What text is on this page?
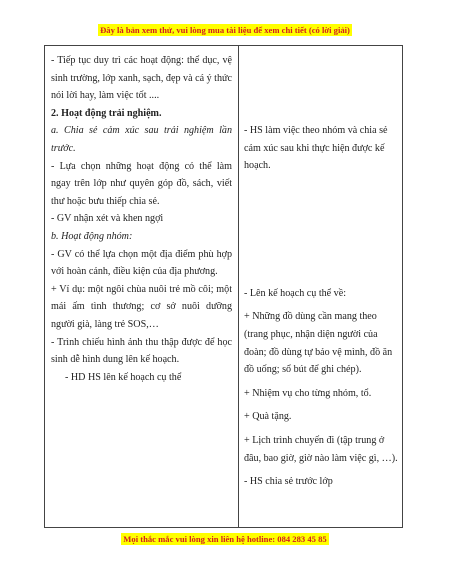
Đây là bản xem thử, vui lòng mua tài liệu để xem chi tiết (có lời giải)

- Tiếp tục duy trì các hoạt động: thể dục, vệ sinh trường, lớp xanh, sạch, đẹp và cá ý thức nói lời hay, làm việc tốt ....

2. Hoạt động trải nghiệm.

a. Chia sẻ cảm xúc sau trải nghiệm lần trước.

- Lựa chọn những hoạt động có thể làm ngay trên lớp như quyên góp đồ, sách, viết thư hoặc bưu thiếp chia sẻ.

- GV nhận xét và khen ngợi

b. Hoạt động nhóm:

- GV có thể lựa chọn một địa điểm phù hợp với hoàn cảnh, điều kiện của địa phương.

+ Ví dụ: một ngôi chùa nuôi trẻ mồ côi; một mái ấm tình thương; cơ sở nuôi dưỡng người già, làng trẻ SOS,…

- Trình chiếu hình ảnh thu thập được để học sinh dễ hình dung lên kế hoạch.

- HD HS lên kế hoạch cụ thể

- HS làm việc theo nhóm và chia sẻ cảm xúc sau khi thực hiện được kế hoạch.

- Lên kế hoạch cụ thể về:

+ Những đồ dùng cần mang theo (trang phục, nhận diện người của đoàn; đồ dùng tự bảo vệ mình, đồ ăn đồ uống; sổ bút để ghi chép).

+ Nhiệm vụ cho từng nhóm, tổ.

+ Quà tặng.

+ Lịch trình chuyến đi (tập trung ở đâu, bao giờ, giờ nào làm việc gì, …).

- HS chia sẻ trước lớp

Mọi thắc mắc vui lòng xin liên hệ hotline: 084 283 45 85
